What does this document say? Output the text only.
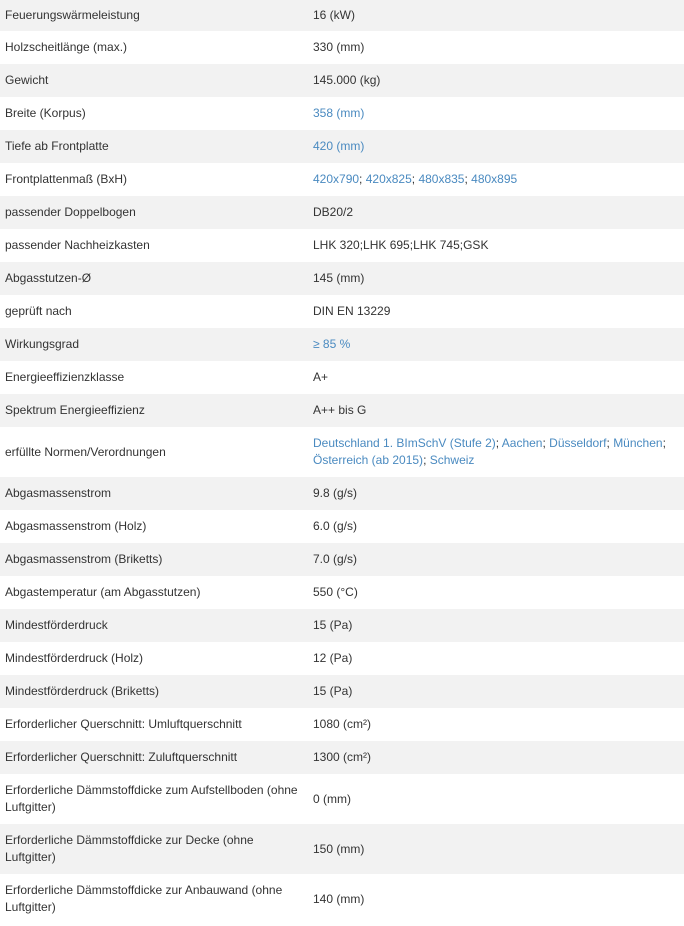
Feuerungswärmeleistung	16 (kW)
Holzscheitlänge (max.)	330 (mm)
Gewicht	145.000 (kg)
Breite (Korpus)	358 (mm)
Tiefe ab Frontplatte	420 (mm)
Frontplattenmaß (BxH)	420x790; 420x825; 480x835; 480x895
passender Doppelbogen	DB20/2
passender Nachheizkasten	LHK 320;LHK 695;LHK 745;GSK
Abgasstutzen-Ø	145 (mm)
geprüft nach	DIN EN 13229
Wirkungsgrad	≥ 85 %
Energieeffizienzklasse	A+
Spektrum Energieeffizienz	A++ bis G
erfüllte Normen/Verordnungen	Deutschland 1. BImSchV (Stufe 2); Aachen; Düsseldorf; München; Österreich (ab 2015); Schweiz
Abgasmassenstrom	9.8 (g/s)
Abgasmassenstrom (Holz)	6.0 (g/s)
Abgasmassenstrom (Briketts)	7.0 (g/s)
Abgastemperatur (am Abgasstutzen)	550 (°C)
Mindestförderdruck	15 (Pa)
Mindestförderdruck (Holz)	12 (Pa)
Mindestförderdruck (Briketts)	15 (Pa)
Erforderlicher Querschnitt: Umluftquerschnitt	1080 (cm²)
Erforderlicher Querschnitt: Zuluftquerschnitt	1300 (cm²)
Erforderliche Dämmstoffdicke zum Aufstellboden (ohne Luftgitter)	0 (mm)
Erforderliche Dämmstoffdicke zur Decke (ohne Luftgitter)	150 (mm)
Erforderliche Dämmstoffdicke zur Anbauwand (ohne Luftgitter)	140 (mm)
